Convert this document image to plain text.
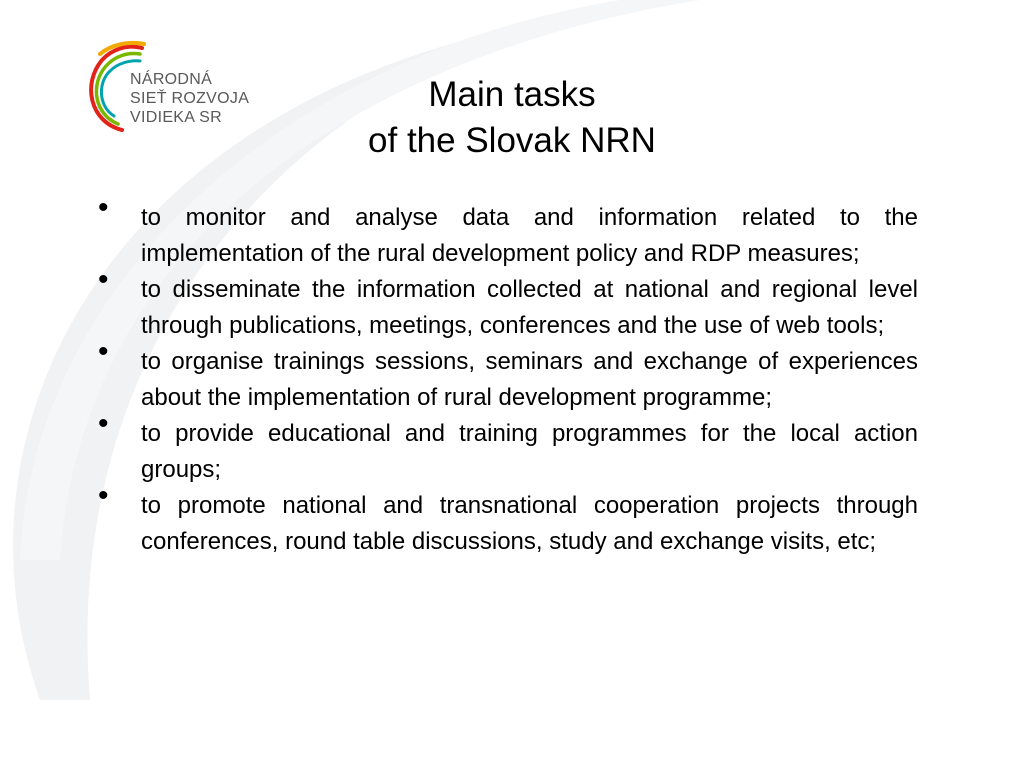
NÁRODNÁ
SIEŤ ROZVOJA
VIDIEKA SR
Main tasks
of the Slovak NRN
• to monitor and analyse data and information related to the implementation of the rural development policy and RDP measures;
• to disseminate the information collected at national and regional level through publications, meetings, conferences and the use of web tools;
• to organise trainings sessions, seminars and exchange of experiences about the implementation of rural development programme;
• to provide educational and training programmes for the local action groups;
• to promote national and transnational cooperation projects through conferences, round table discussions, study and exchange visits, etc;
